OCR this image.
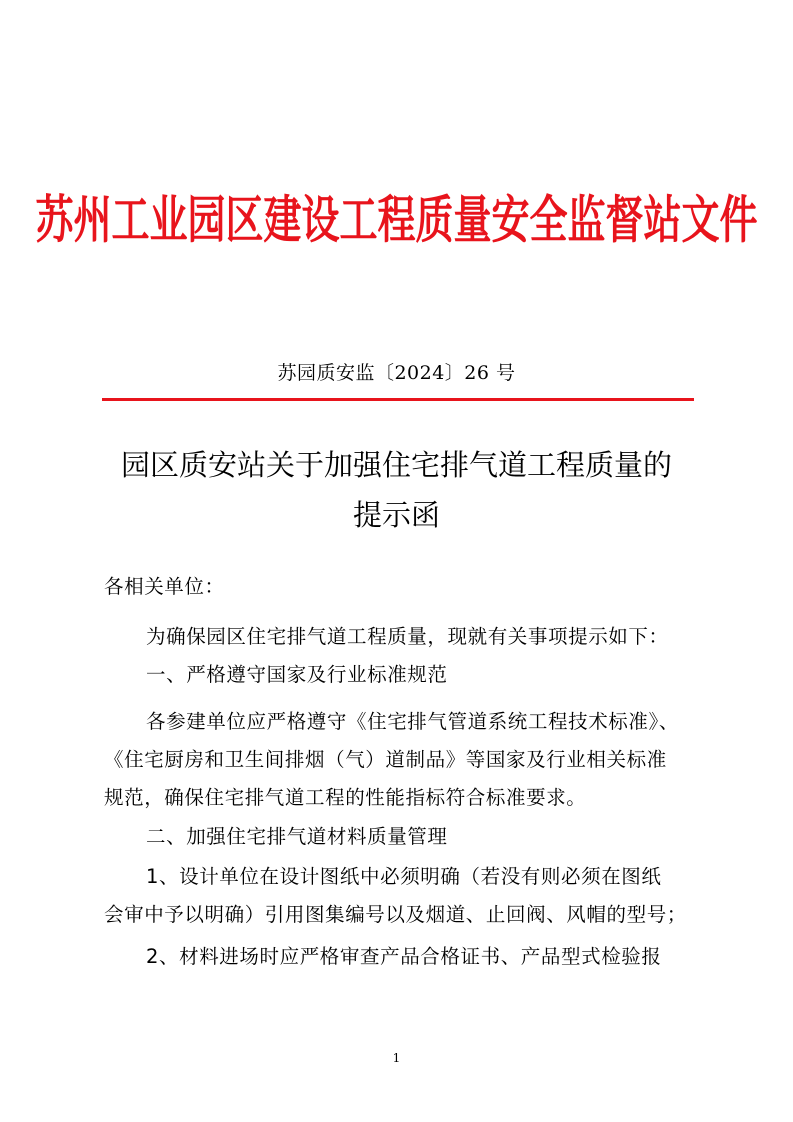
苏州工业园区建设工程质量安全监督站文件
苏园质安监〔2024〕26 号
园区质安站关于加强住宅排气道工程质量的
提示函
各相关单位：
为确保园区住宅排气道工程质量，现就有关事项提示如下：
一、严格遵守国家及行业标准规范
各参建单位应严格遵守《住宅排气管道系统工程技术标准》、
《住宅厨房和卫生间排烟（气）道制品》等国家及行业相关标准
规范，确保住宅排气道工程的性能指标符合标准要求。
二、加强住宅排气道材料质量管理
1、设计单位在设计图纸中必须明确（若没有则必须在图纸
会审中予以明确）引用图集编号以及烟道、止回阀、风帽的型号；
2、材料进场时应严格审查产品合格证书、产品型式检验报
1
